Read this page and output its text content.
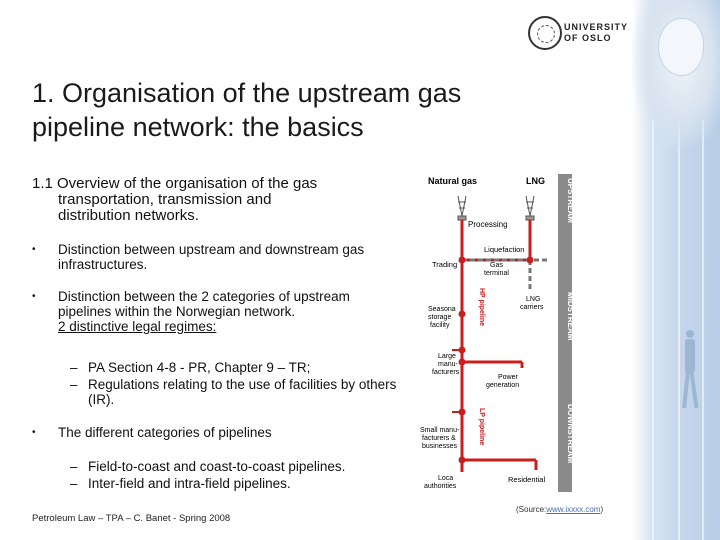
UNIVERSITY
OF OSLO
1. Organisation of the upstream gas
pipeline network: the basics
1.1 Overview of the organisation of the gas
transportation, transmission and
distribution networks.
• Distinction between upstream and downstream gas infrastructures.
• Distinction between the 2 categories of upstream pipelines within the Norwegian network.
2 distinctive legal regimes:
– PA Section 4-8 - PR, Chapter 9 – TR;
– Regulations relating to the use of facilities by others (IR).
• The different categories of pipelines
– Field-to-coast and coast-to-coast pipelines.
– Inter-field and intra-field pipelines.
Petroleum Law – TPA – C. Banet - Spring 2008
(Source:www.ixxxx.com)
UPSTREAM
MIDSTREAM
DOWNSTREAM
Natural gas	LNG
Processing
Liquefaction
Trading	Gas
terminal
LNG
carriers
HP pipeline
Seasona
storage
facility
Large
manu-
facturers
Power
generation
LP pipeline
Small manu-
facturers &
businesses
Residential
Loca
authorities
